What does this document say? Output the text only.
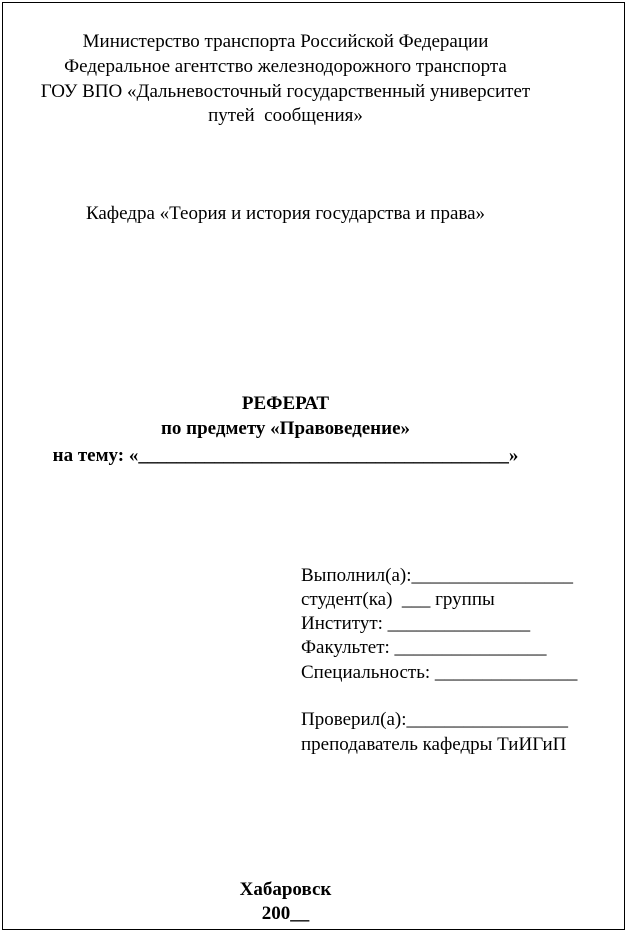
Министерство транспорта Российской Федерации
Федеральное агентство железнодорожного транспорта
ГОУ ВПО «Дальневосточный государственный университет
путей  сообщения»
Кафедра «Теория и история государства и права»
РЕФЕРАТ
по предмету «Правоведение»
на тему: «_______________________________________»
Выполнил(а):_________________
студент(ка)  ___ группы
Институт: _______________
Факультет: ________________
Специальность: _______________
Проверил(а):_________________
преподаватель кафедры ТиИГиП
Хабаровск
200__
